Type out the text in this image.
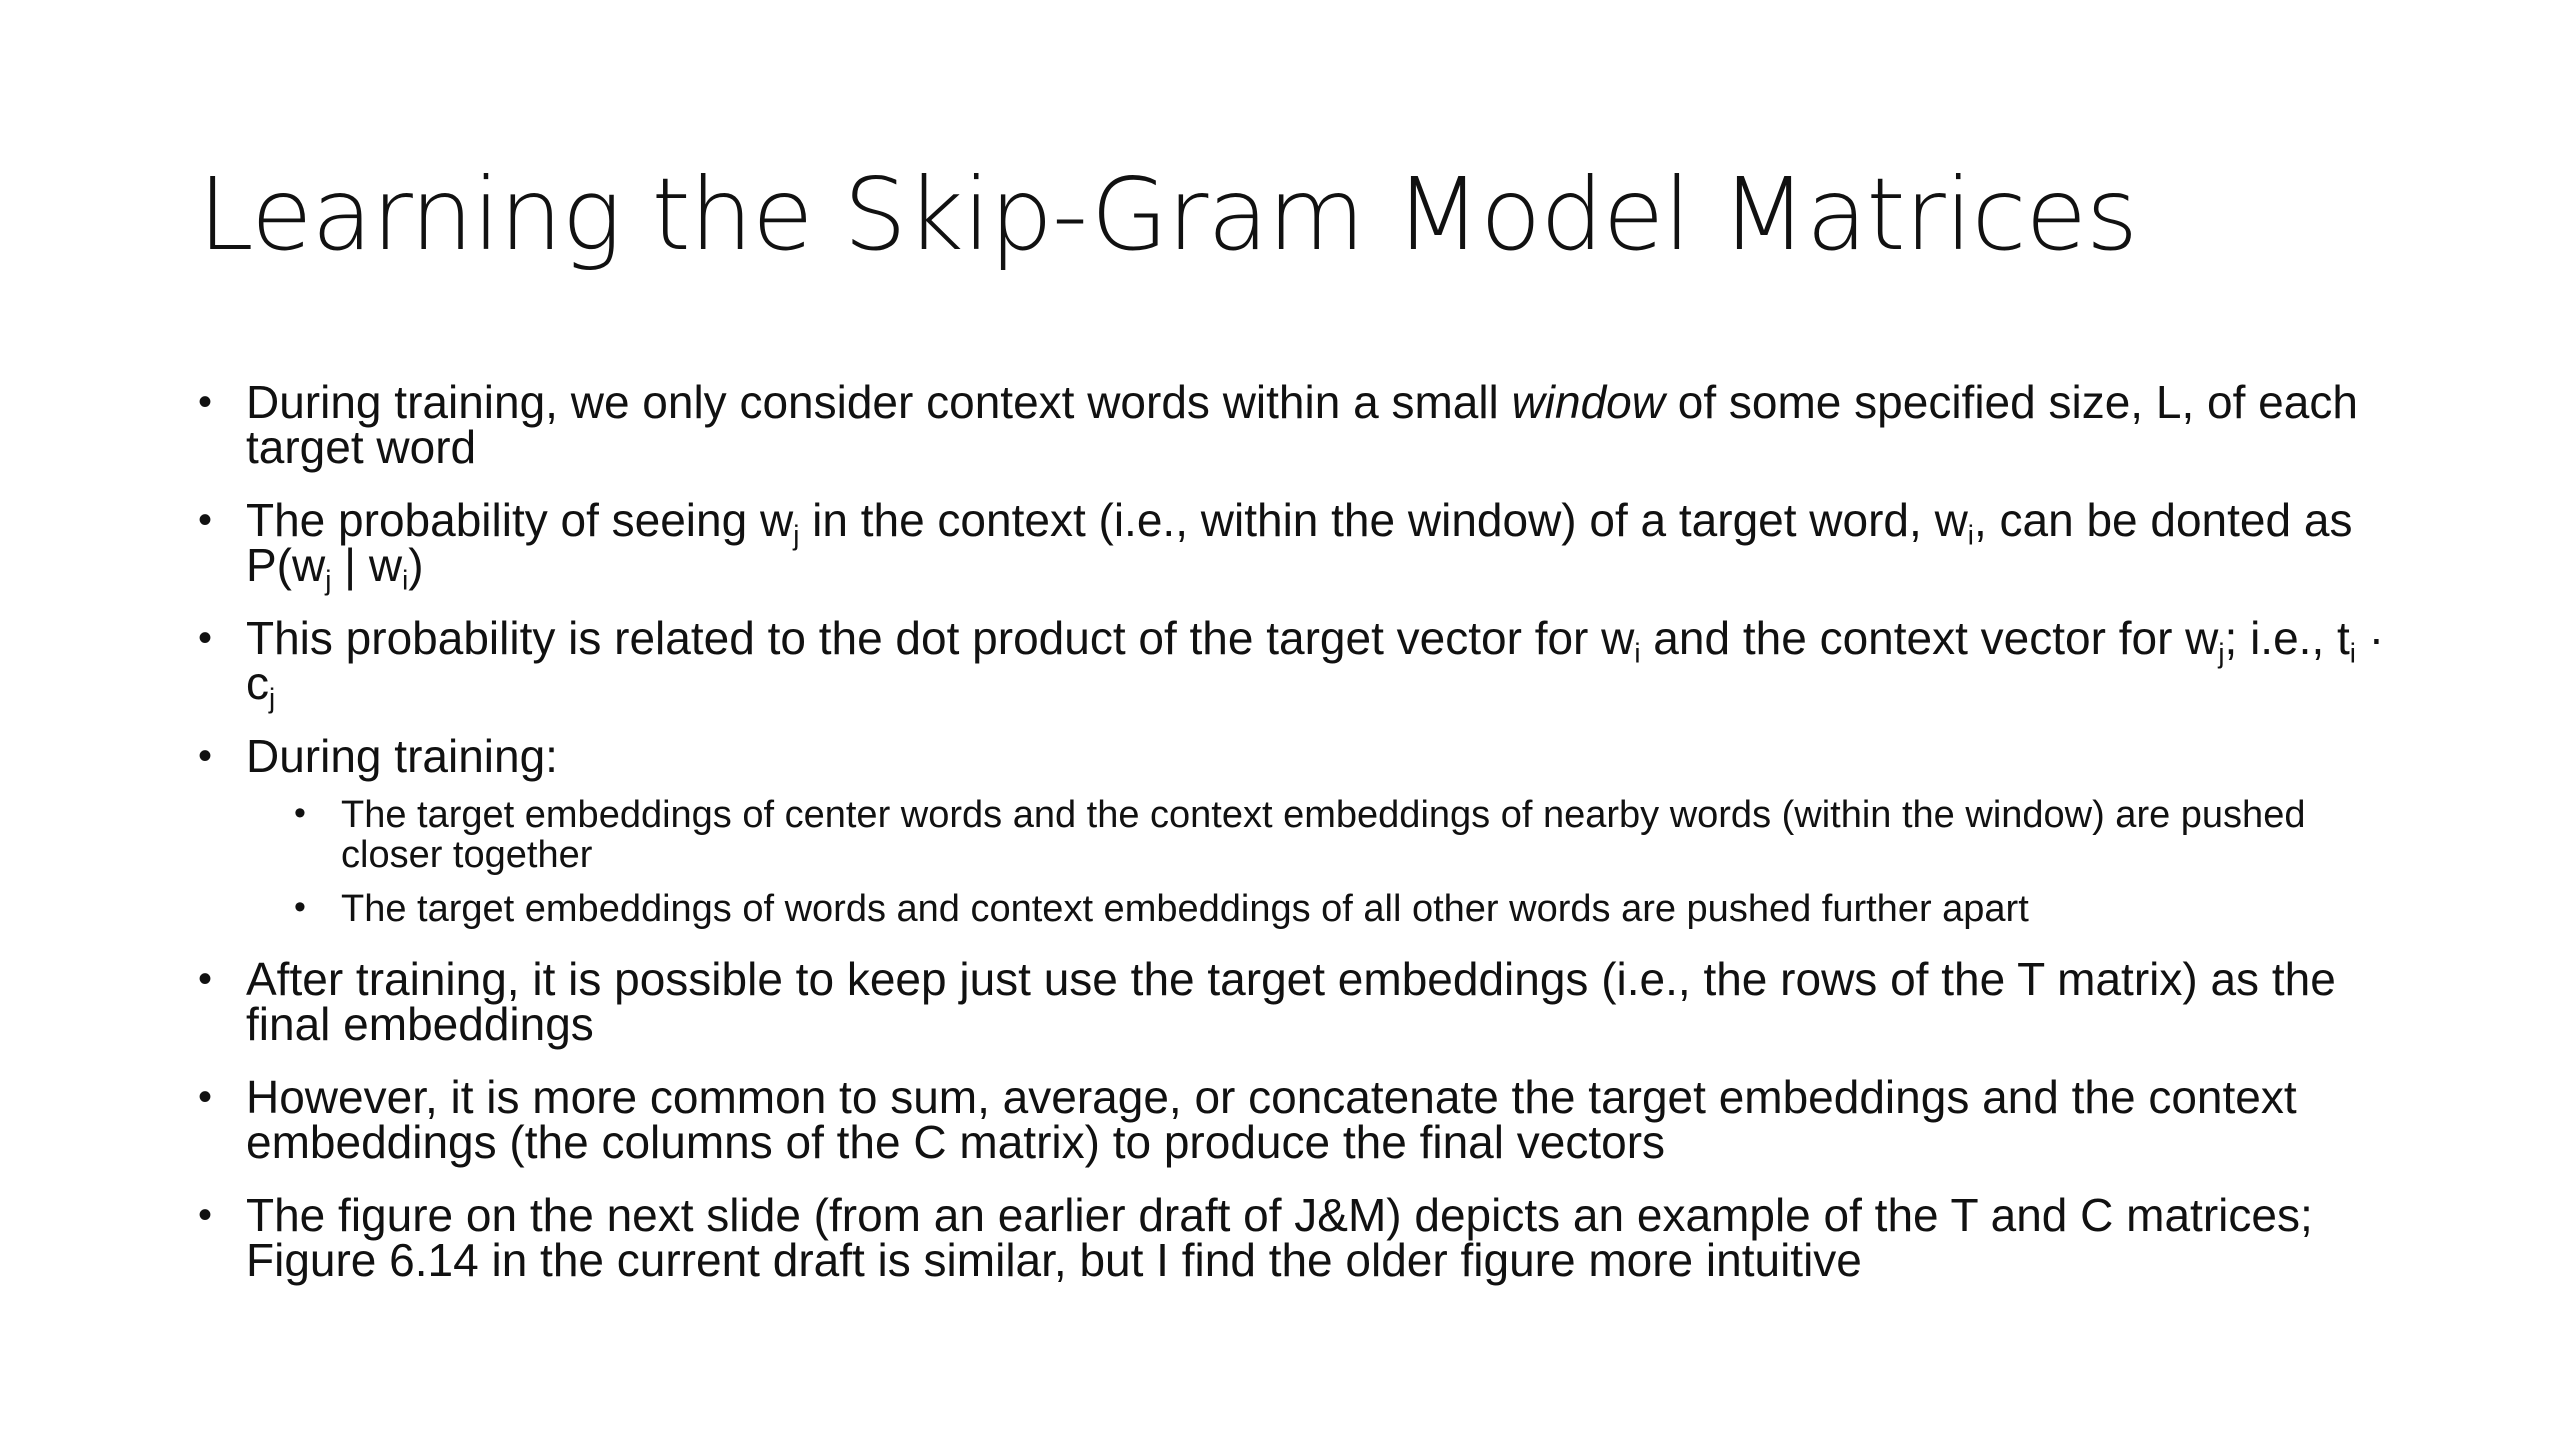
Learning the Skip-Gram Model Matrices
• During training, we only consider context words within a small window of some specified size, L, of each target word
• The probability of seeing $w_j$ in the context (i.e., within the window) of a target word, $w_i$, can be donted as $P(w_j$ | $w_i$)
• This probability is related to the dot product of the target vector for $w_i$ and the context vector for $w_j$; i.e., $t_i \cdot c_j$
• During training:
• The target embeddings of center words and the context embeddings of nearby words (within the window) are pushed closer together
• The target embeddings of words and context embeddings of all other words are pushed further apart
• After training, it is possible to keep just use the target embeddings (i.e., the rows of the T matrix) as the final embeddings
• However, it is more common to sum, average, or concatenate the target embeddings and the context embeddings (the columns of the C matrix) to produce the final vectors
• The figure on the next slide (from an earlier draft of J&M) depicts an example of the T and C matrices; Figure 6.14 in the current draft is similar, but I find the older figure more intuitive
